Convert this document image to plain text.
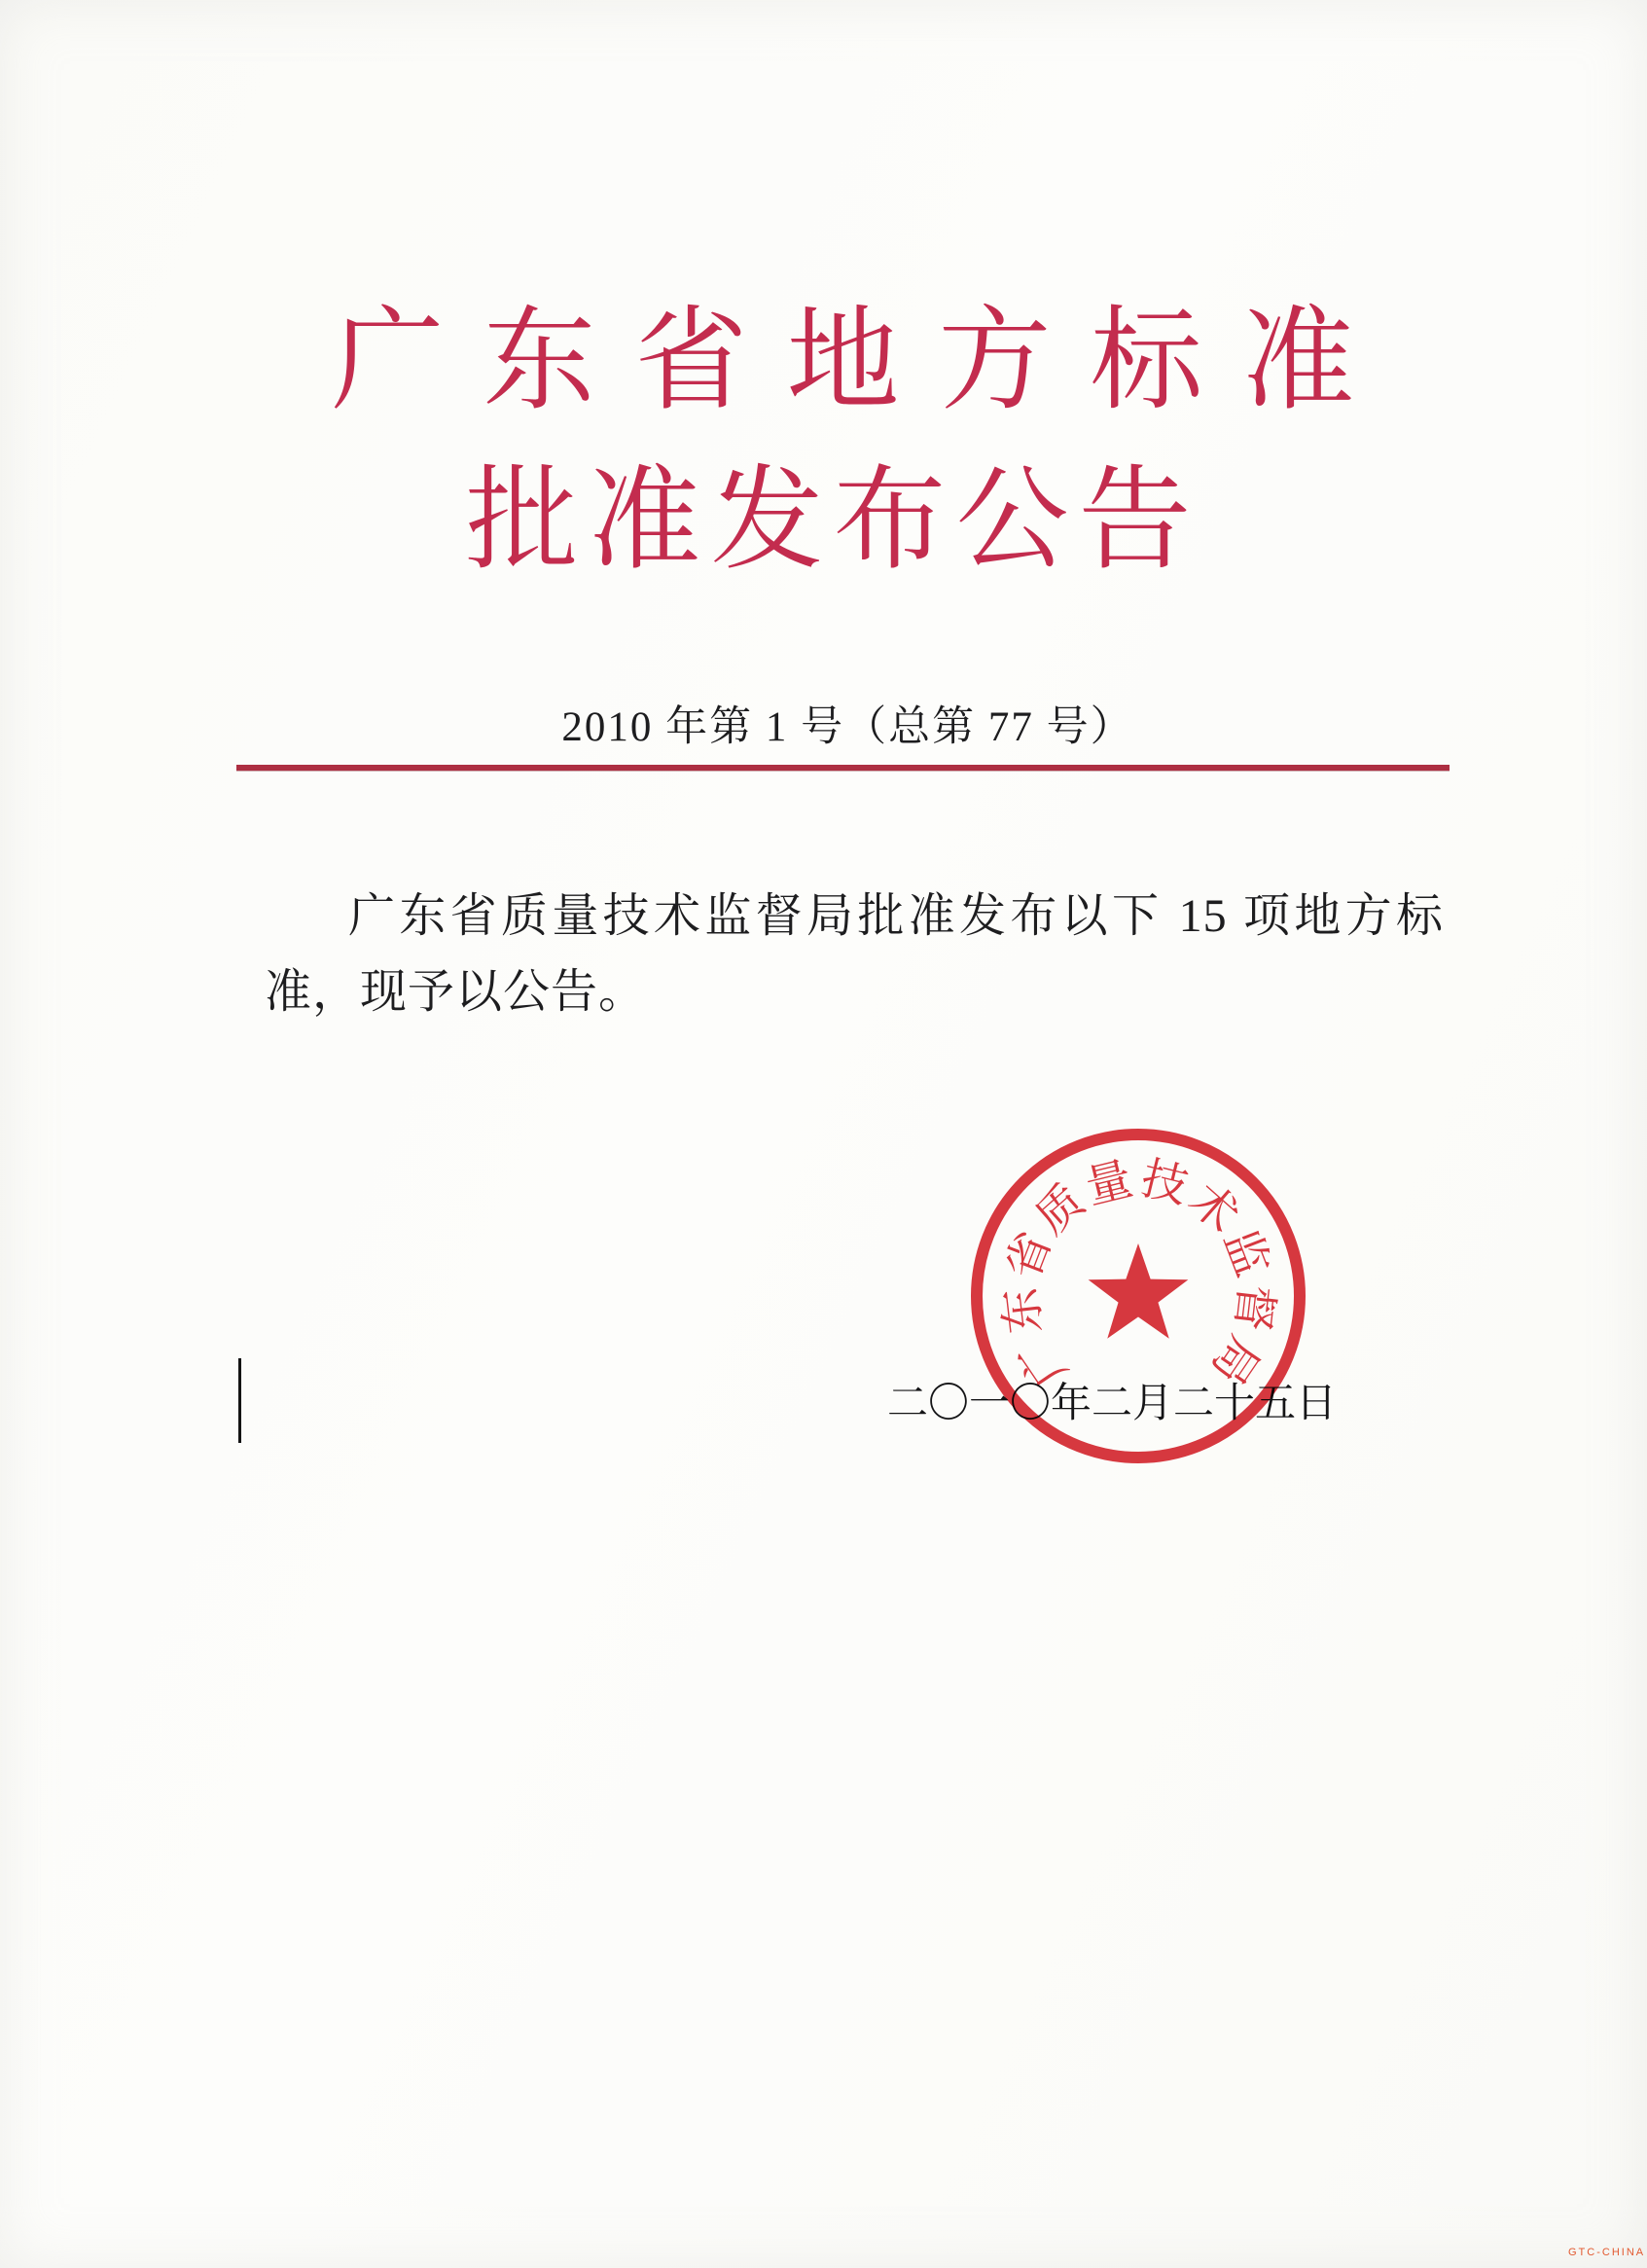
广东省地方标准
批准发布公告
2010 年第 1 号（总第 77 号）
广东省质量技术监督局批准发布以下 15 项地方标准，现予以公告。
广东省质量技术监督局
二〇一〇年二月二十五日
GTC-CHINA
